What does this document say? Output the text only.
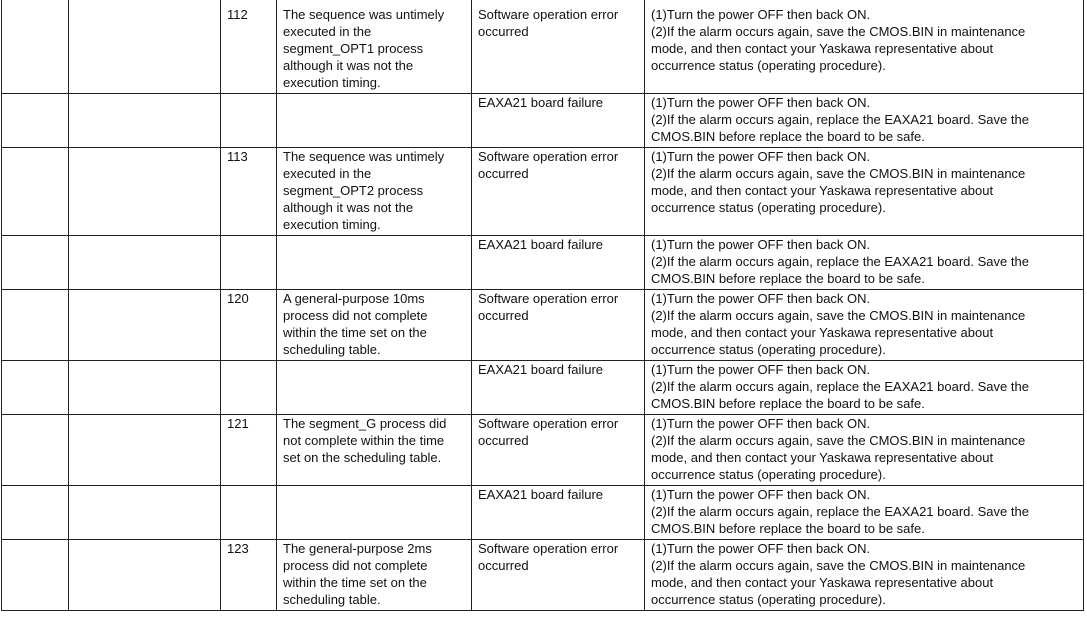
		112	The sequence was untimely
executed in the
segment_OPT1 process
although it was not the
execution timing.	Software operation error
occurred	(1)Turn the power OFF then back ON.
(2)If the alarm occurs again, save the CMOS.BIN in maintenance
mode, and then contact your Yaskawa representative about
occurrence status (operating procedure).

				EAXA21 board failure	(1)Turn the power OFF then back ON.
(2)If the alarm occurs again, replace the EAXA21 board. Save the
CMOS.BIN before replace the board to be safe.

		113	The sequence was untimely
executed in the
segment_OPT2 process
although it was not the
execution timing.	Software operation error
occurred	(1)Turn the power OFF then back ON.
(2)If the alarm occurs again, save the CMOS.BIN in maintenance
mode, and then contact your Yaskawa representative about
occurrence status (operating procedure).

				EAXA21 board failure	(1)Turn the power OFF then back ON.
(2)If the alarm occurs again, replace the EAXA21 board. Save the
CMOS.BIN before replace the board to be safe.

		120	A general-purpose 10ms
process did not complete
within the time set on the
scheduling table.	Software operation error
occurred	(1)Turn the power OFF then back ON.
(2)If the alarm occurs again, save the CMOS.BIN in maintenance
mode, and then contact your Yaskawa representative about
occurrence status (operating procedure).

				EAXA21 board failure	(1)Turn the power OFF then back ON.
(2)If the alarm occurs again, replace the EAXA21 board. Save the
CMOS.BIN before replace the board to be safe.

		121	The segment_G process did
not complete within the time
set on the scheduling table.	Software operation error
occurred	(1)Turn the power OFF then back ON.
(2)If the alarm occurs again, save the CMOS.BIN in maintenance
mode, and then contact your Yaskawa representative about
occurrence status (operating procedure).

				EAXA21 board failure	(1)Turn the power OFF then back ON.
(2)If the alarm occurs again, replace the EAXA21 board. Save the
CMOS.BIN before replace the board to be safe.

		123	The general-purpose 2ms
process did not complete
within the time set on the
scheduling table.	Software operation error
occurred	(1)Turn the power OFF then back ON.
(2)If the alarm occurs again, save the CMOS.BIN in maintenance
mode, and then contact your Yaskawa representative about
occurrence status (operating procedure).
